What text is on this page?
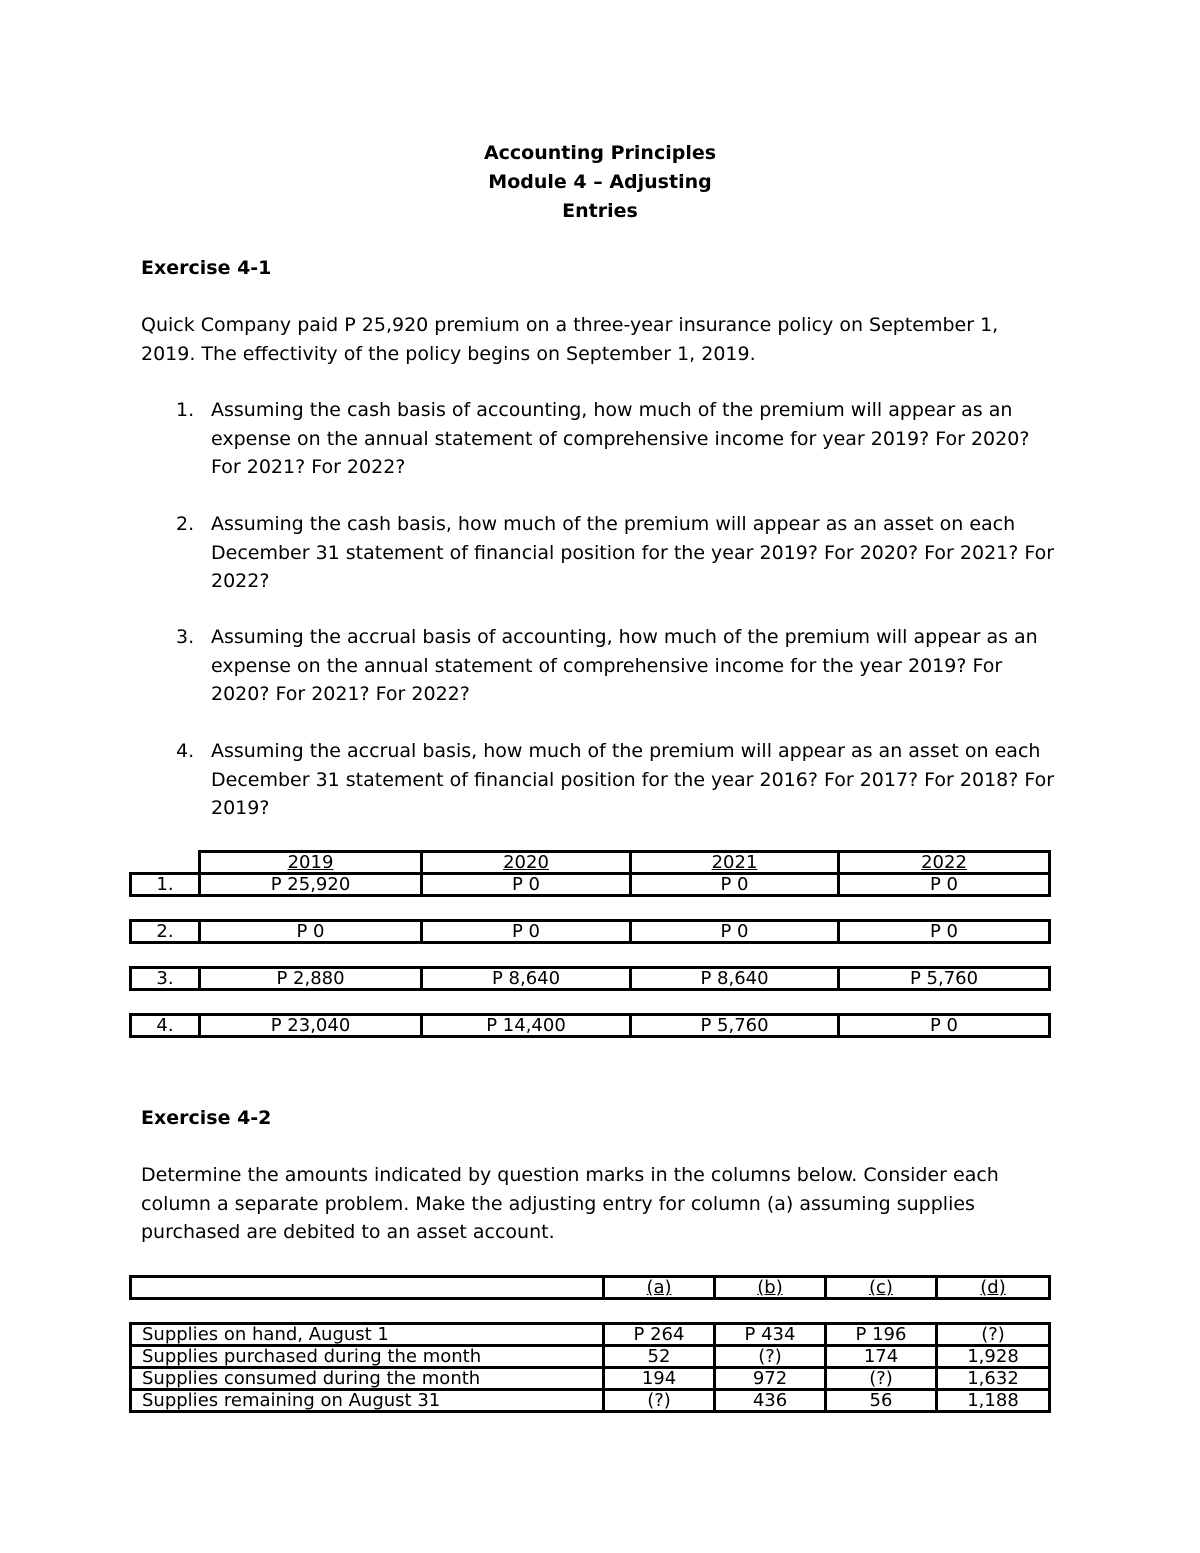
Accounting Principles
Module 4 – Adjusting
Entries
Exercise 4-1
Quick Company paid P 25,920 premium on a three-year insurance policy on September 1,
2019. The effectivity of the policy begins on September 1, 2019.
1. Assuming the cash basis of accounting, how much of the premium will appear as an expense on the annual statement of comprehensive income for year 2019? For 2020? For 2021? For 2022?
2. Assuming the cash basis, how much of the premium will appear as an asset on each December 31 statement of financial position for the year 2019? For 2020? For 2021? For 2022?
3. Assuming the accrual basis of accounting, how much of the premium will appear as an expense on the annual statement of comprehensive income for the year 2019? For 2020? For 2021? For 2022?
4. Assuming the accrual basis, how much of the premium will appear as an asset on each December 31 statement of financial position for the year 2016? For 2017? For 2018? For 2019?
	2019	2020	2021	2022
1.	P 25,920	P 0	P 0	P 0

2.	P 0	P 0	P 0	P 0

3.	P 2,880	P 8,640	P 8,640	P 5,760

4.	P 23,040	P 14,400	P 5,760	P 0
Exercise 4-2
Determine the amounts indicated by question marks in the columns below. Consider each
column a separate problem. Make the adjusting entry for column (a) assuming supplies
purchased are debited to an asset account.
	(a)	(b)	(c)	(d)

Supplies on hand, August 1	P 264	P 434	P 196	(?)
Supplies purchased during the month	52	(?)	174	1,928
Supplies consumed during the month	194	972	(?)	1,632
Supplies remaining on August 31	(?)	436	56	1,188
